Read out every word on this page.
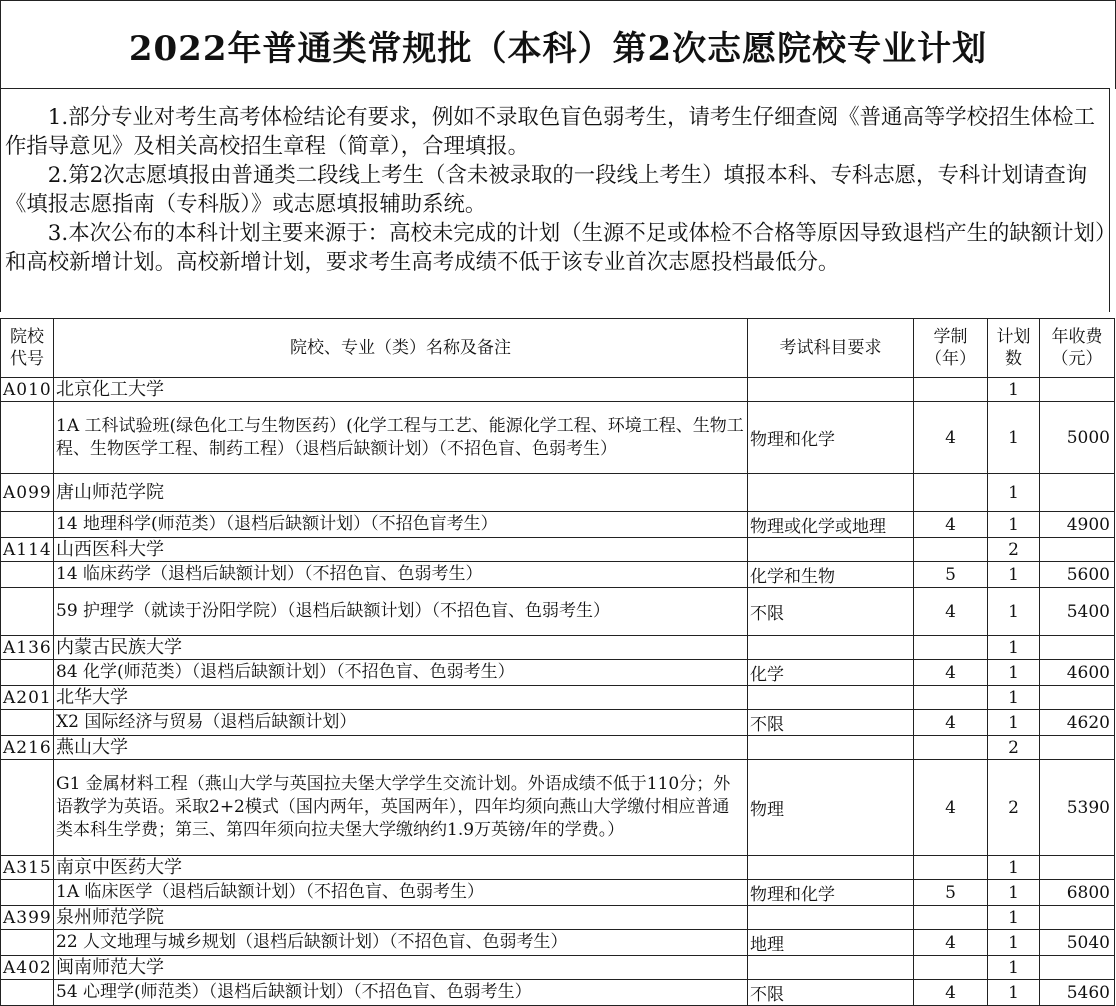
2022年普通类常规批（本科）第2次志愿院校专业计划

1.部分专业对考生高考体检结论有要求，例如不录取色盲色弱考生，请考生仔细查阅《普通高等学校招生体检工作指导意见》及相关高校招生章程（简章），合理填报。

2.第2次志愿填报由普通类二段线上考生（含未被录取的一段线上考生）填报本科、专科志愿，专科计划请查询《填报志愿指南（专科版）》或志愿填报辅助系统。

3.本次公布的本科计划主要来源于：高校未完成的计划（生源不足或体检不合格等原因导致退档产生的缺额计划）和高校新增计划。高校新增计划，要求考生高考成绩不低于该专业首次志愿投档最低分。

院校代号	院校、专业（类）名称及备注	考试科目要求	学制（年）	计划数	年收费（元）
A010	北京化工大学			1	
	1A 工科试验班(绿色化工与生物医药）(化学工程与工艺、能源化学工程、环境工程、生物工程、生物医学工程、制药工程）（退档后缺额计划）（不招色盲、色弱考生）	物理和化学	4	1	5000
A099	唐山师范学院			1	
	14 地理科学(师范类）（退档后缺额计划）（不招色盲考生）	物理或化学或地理	4	1	4900
A114	山西医科大学			2	
	14 临床药学（退档后缺额计划）（不招色盲、色弱考生）	化学和生物	5	1	5600
	59 护理学（就读于汾阳学院）（退档后缺额计划）（不招色盲、色弱考生）	不限	4	1	5400
A136	内蒙古民族大学			1	
	84 化学(师范类）（退档后缺额计划）（不招色盲、色弱考生）	化学	4	1	4600
A201	北华大学			1	
	X2 国际经济与贸易（退档后缺额计划）	不限	4	1	4620
A216	燕山大学			2	
	G1 金属材料工程（燕山大学与英国拉夫堡大学学生交流计划。外语成绩不低于110分；外语教学为英语。采取2+2模式（国内两年，英国两年），四年均须向燕山大学缴付相应普通类本科生学费；第三、第四年须向拉夫堡大学缴纳约1.9万英镑/年的学费。）	物理	4	2	5390
A315	南京中医药大学			1	
	1A 临床医学（退档后缺额计划）（不招色盲、色弱考生）	物理和化学	5	1	6800
A399	泉州师范学院			1	
	22 人文地理与城乡规划（退档后缺额计划）（不招色盲、色弱考生）	地理	4	1	5040
A402	闽南师范大学			1	
	54 心理学(师范类）（退档后缺额计划）（不招色盲、色弱考生）	不限	4	1	5460
